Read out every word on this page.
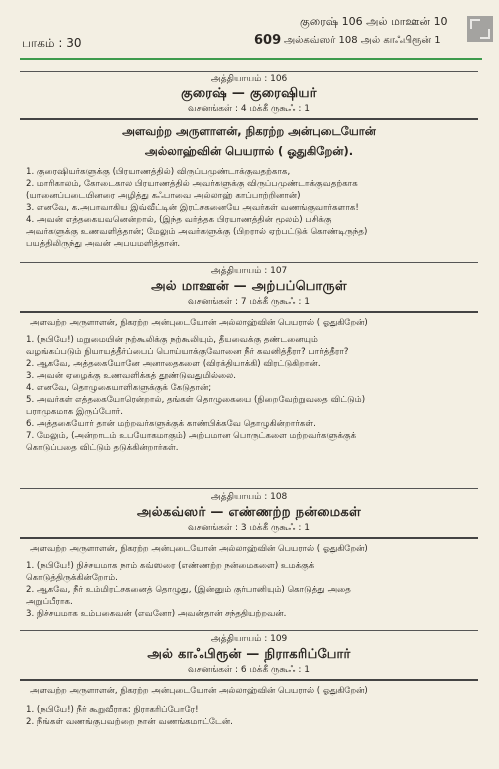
பாகம் : 30	609
குரைஷ் 106 அல் மாஊன் 10
அல்கவ்ஸர் 108 அல் காஃபிரூன் 1
அத்தியாயம் : 106
குரைஷ் — குரைஷியர்
வசனங்கள் : 4 மக்கீ ருகூஃ : 1
அளவற்ற அருளாளன், நிகரற்ற அன்புடையோன்
அல்லாஹ்வின் பெயரால் ( ஓதுகிறேன்).

1. குரைஷியர்களுக்கு (பிரயாணத்தில்) விருப்பமுண்டாக்குவதற்காக,

2. மாரிகாலம், கோடைகால பிரயாணத்தில் அவர்களுக்கு விருப்பமுண்டாக்குவதற்காக

(யானைப்படையினரை அழித்து கஃபாவை அல்லாஹ் காப்பாற்றினான்)

3. எனவே, க.அபாவாகிய இவ்வீட்டின் இரட்சகனையே அவர்கள் வணங்குவார்களாக!

4. அவன் எத்தகையவனென்றால், (இந்த வர்த்தக பிரயாணத்தின் மூலம்) பசிக்கு

அவர்களுக்கு உணவளித்தான்; மேலும் அவர்களுக்கு (பிறரால் ஏற்பட்டுக் கொண்டிருந்த)

பயத்திலிருந்து அவன் அபயமளித்தான்.

அத்தியாயம் : 107
அல் மாஊன் — அற்பப்பொருள்
வசனங்கள் : 7 மக்கீ ருகூஃ : 1
அளவற்ற அருளாளன், நிகரற்ற அன்புடையோன் அல்லாஹ்வின் பெயரால் ( ஓதுகிறேன்)

1. (நபியே!) மறுமையின் நற்கூலிக்கு நற்கூலியும், தீயவைக்கு தண்டனையும்

வழங்கப்படும் நியாயத்தீர்ப்பைப் பொய்யாக்குவோனை நீர் கவனித்தீரா? பார்த்தீரா?

2. ஆகவே, அத்தகையோனே அனாதைகளை (விரக்தியாக்கி) விரட்டுகிறான்.

3. அவன் ஏழைக்கு உணவளிக்கத் தூண்டுவதுமில்லை.

4. எனவே, தொழுகையாளிகளுக்குக் கேடுதான்;

5. அவர்கள் எத்தகையோரென்றால், தங்கள் தொழுகையை (நிறைவேற்றுவதை விட்டும்)

பராமுகமாக இருப்போர்.

6. அத்தகையோர் தான் மற்றவர்களுக்குக் காண்பிக்கவே தொழுகின்றார்கள்.

7. மேலும், (அன்றாடம் உபயோகமாகும்) அற்பமான பொருட்களை மற்றவர்களுக்குக்

கொடுப்பதை விட்டும் தடுக்கின்றார்கள்.

அத்தியாயம் : 108
அல்கவ்ஸர் — எண்ணற்ற நன்மைகள்
வசனங்கள் : 3 மக்கீ ருகூஃ : 1
அளவற்ற அருளாளன், நிகரற்ற அன்புடையோன் அல்லாஹ்வின் பெயரால் ( ஓதுகிறேன்)

1. (நபியே!) நிச்சயமாக நாம் கவ்ஸரை (எண்ணற்ற நன்மைகளை) உமக்குக்

கொடுத்திருக்கின்றோம்.

2. ஆகவே, நீர் உம்மிரட்சகனைத் தொழுது, (இன்னும் குர்பானியும்) கொடுத்து அதை

அறுப்பீராக.

3. நிச்சயமாக உம்பகைவன் (எவனோ) அவன்தான் சந்ததியற்றவன்.

அத்தியாயம் : 109
அல் காஃபிரூன் — நிராகரிப்போர்
வசனங்கள் : 6 மக்கீ ருகூஃ : 1
அளவற்ற அருளாளன், நிகரற்ற அன்புடையோன் அல்லாஹ்வின் பெயரால் ( ஓதுகிறேன்)

1. (நபியே!) நீர் கூறுவீராக: நிராகரிப்போரே!

2. நீங்கள் வணங்குபவற்றை நான் வணங்கமாட்டேன்.
